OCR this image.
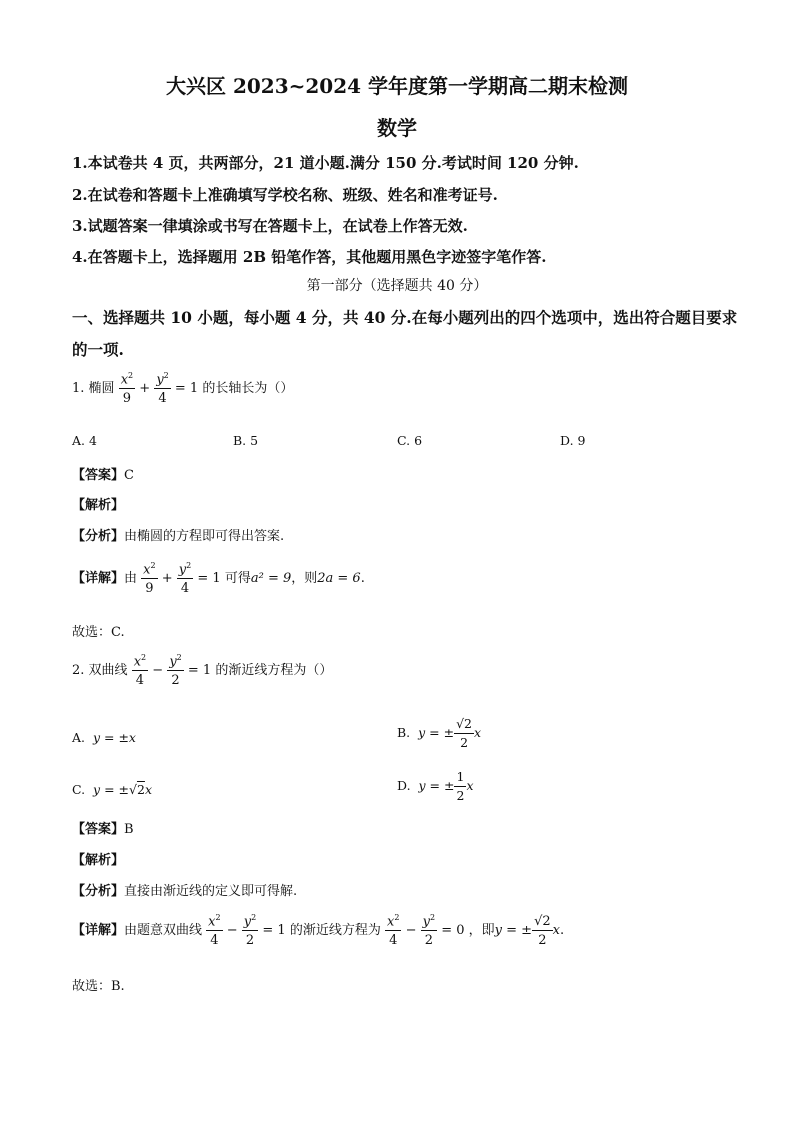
大兴区 2023~2024 学年度第一学期高二期末检测
数学
1.本试卷共 4 页，共两部分，21 道小题.满分 150 分.考试时间 120 分钟.
2.在试卷和答题卡上准确填写学校名称、班级、姓名和准考证号.
3.试题答案一律填涂或书写在答题卡上，在试卷上作答无效.
4.在答题卡上，选择题用 2B 铅笔作答，其他题用黑色字迹签字笔作答.
第一部分（选择题共 40 分）
一、选择题共 10 小题，每小题 4 分，共 40 分.在每小题列出的四个选项中，选出符合题目要求
的一项.
1. 椭圆 $\frac{x^2}{9} + \frac{y^2}{4} = 1$ 的长轴长为（）
A. 4	B. 5	C. 6	D. 9
【答案】C
【解析】
【分析】由椭圆的方程即可得出答案.
【详解】由 $\frac{x^2}{9} + \frac{y^2}{4} = 1$ 可得a² = 9，则2a = 6.
故选：C.
2. 双曲线 $\frac{x^2}{4} - \frac{y^2}{2} = 1$ 的渐近线方程为（）
A. y = ±x	B. y = ± $\frac{√2}{2}$ x
C. y = ±√2x	D. y = ± $\frac{1}{2}$ x
【答案】B
【解析】
【分析】直接由渐近线的定义即可得解.
【详解】由题意双曲线 $\frac{x^2}{4} - \frac{y^2}{2} = 1$ 的渐近线方程为 $\frac{x^2}{4} - \frac{y^2}{2} = 0$ ，即y = ± $\frac{√2}{2} x$.
故选：B.
